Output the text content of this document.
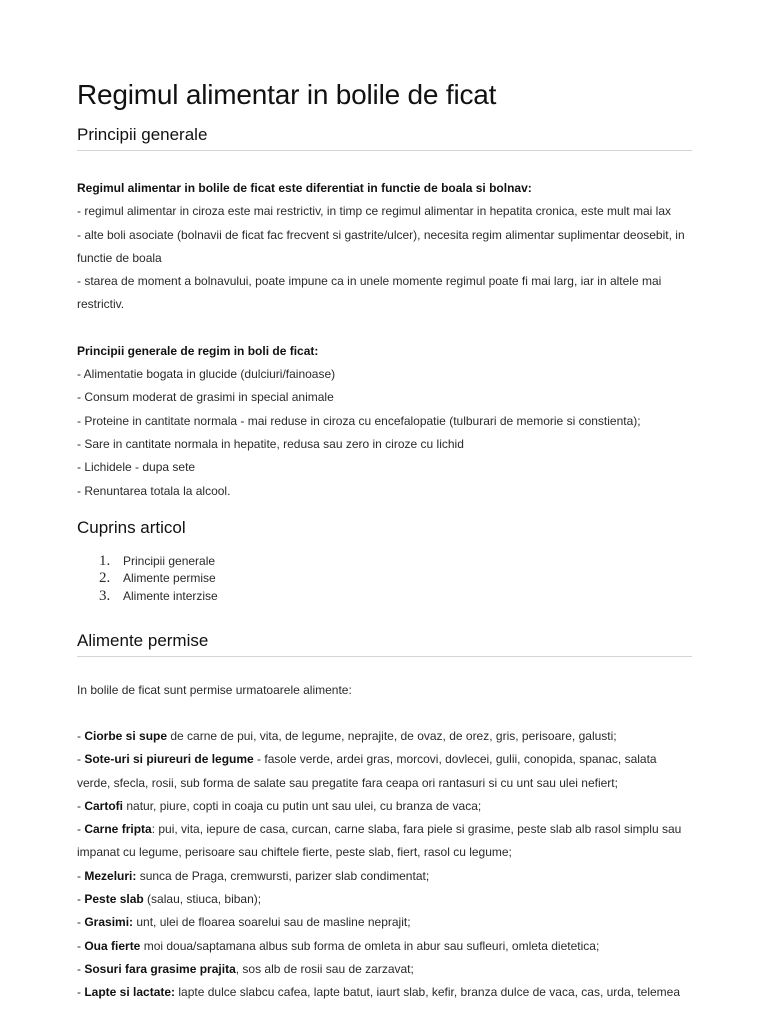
Regimul alimentar in bolile de ficat
Principii generale

Regimul alimentar in bolile de ficat este diferentiat in functie de boala si bolnav:

- regimul alimentar in ciroza este mai restrictiv, in timp ce regimul alimentar in hepatita cronica, este mult mai lax

- alte boli asociate (bolnavii de ficat fac frecvent si gastrite/ulcer), necesita regim alimentar suplimentar deosebit, in functie de boala

- starea de moment a bolnavului, poate impune ca in unele momente regimul poate fi mai larg, iar in altele mai restrictiv.

Principii generale de regim in boli de ficat:

- Alimentatie bogata in glucide (dulciuri/fainoase)

- Consum moderat de grasimi in special animale

- Proteine in cantitate normala - mai reduse in ciroza cu encefalopatie (tulburari de memorie si constienta);

- Sare in cantitate normala in hepatite, redusa sau zero in ciroze cu lichid

- Lichidele - dupa sete

- Renuntarea totala la alcool.

Cuprins articol
1.	Principii generale
2.	Alimente permise
3.	Alimente interzise
Alimente permise

In bolile de ficat sunt permise urmatoarele alimente:

- Ciorbe si supe de carne de pui, vita, de legume, neprajite, de ovaz, de orez, gris, perisoare, galusti;

- Sote-uri si piureuri de legume - fasole verde, ardei gras, morcovi, dovlecei, gulii, conopida, spanac, salata verde, sfecla, rosii, sub forma de salate sau pregatite fara ceapa ori rantasuri si cu unt sau ulei nefiert;

- Cartofi natur, piure, copti in coaja cu putin unt sau ulei, cu branza de vaca;

- Carne fripta: pui, vita, iepure de casa, curcan, carne slaba, fara piele si grasime, peste slab alb rasol simplu sau impanat cu legume, perisoare sau chiftele fierte, peste slab, fiert, rasol cu legume;

- Mezeluri: sunca de Praga, cremwursti, parizer slab condimentat;

- Peste slab (salau, stiuca, biban);

- Grasimi: unt, ulei de floarea soarelui sau de masline neprajit;

- Oua fierte moi doua/saptamana albus sub forma de omleta in abur sau sufleuri, omleta dietetica;

- Sosuri fara grasime prajita, sos alb de rosii sau de zarzavat;

- Lapte si lactate: lapte dulce slabcu cafea, lapte batut, iaurt slab, kefir, branza dulce de vaca, cas, urda, telemea
